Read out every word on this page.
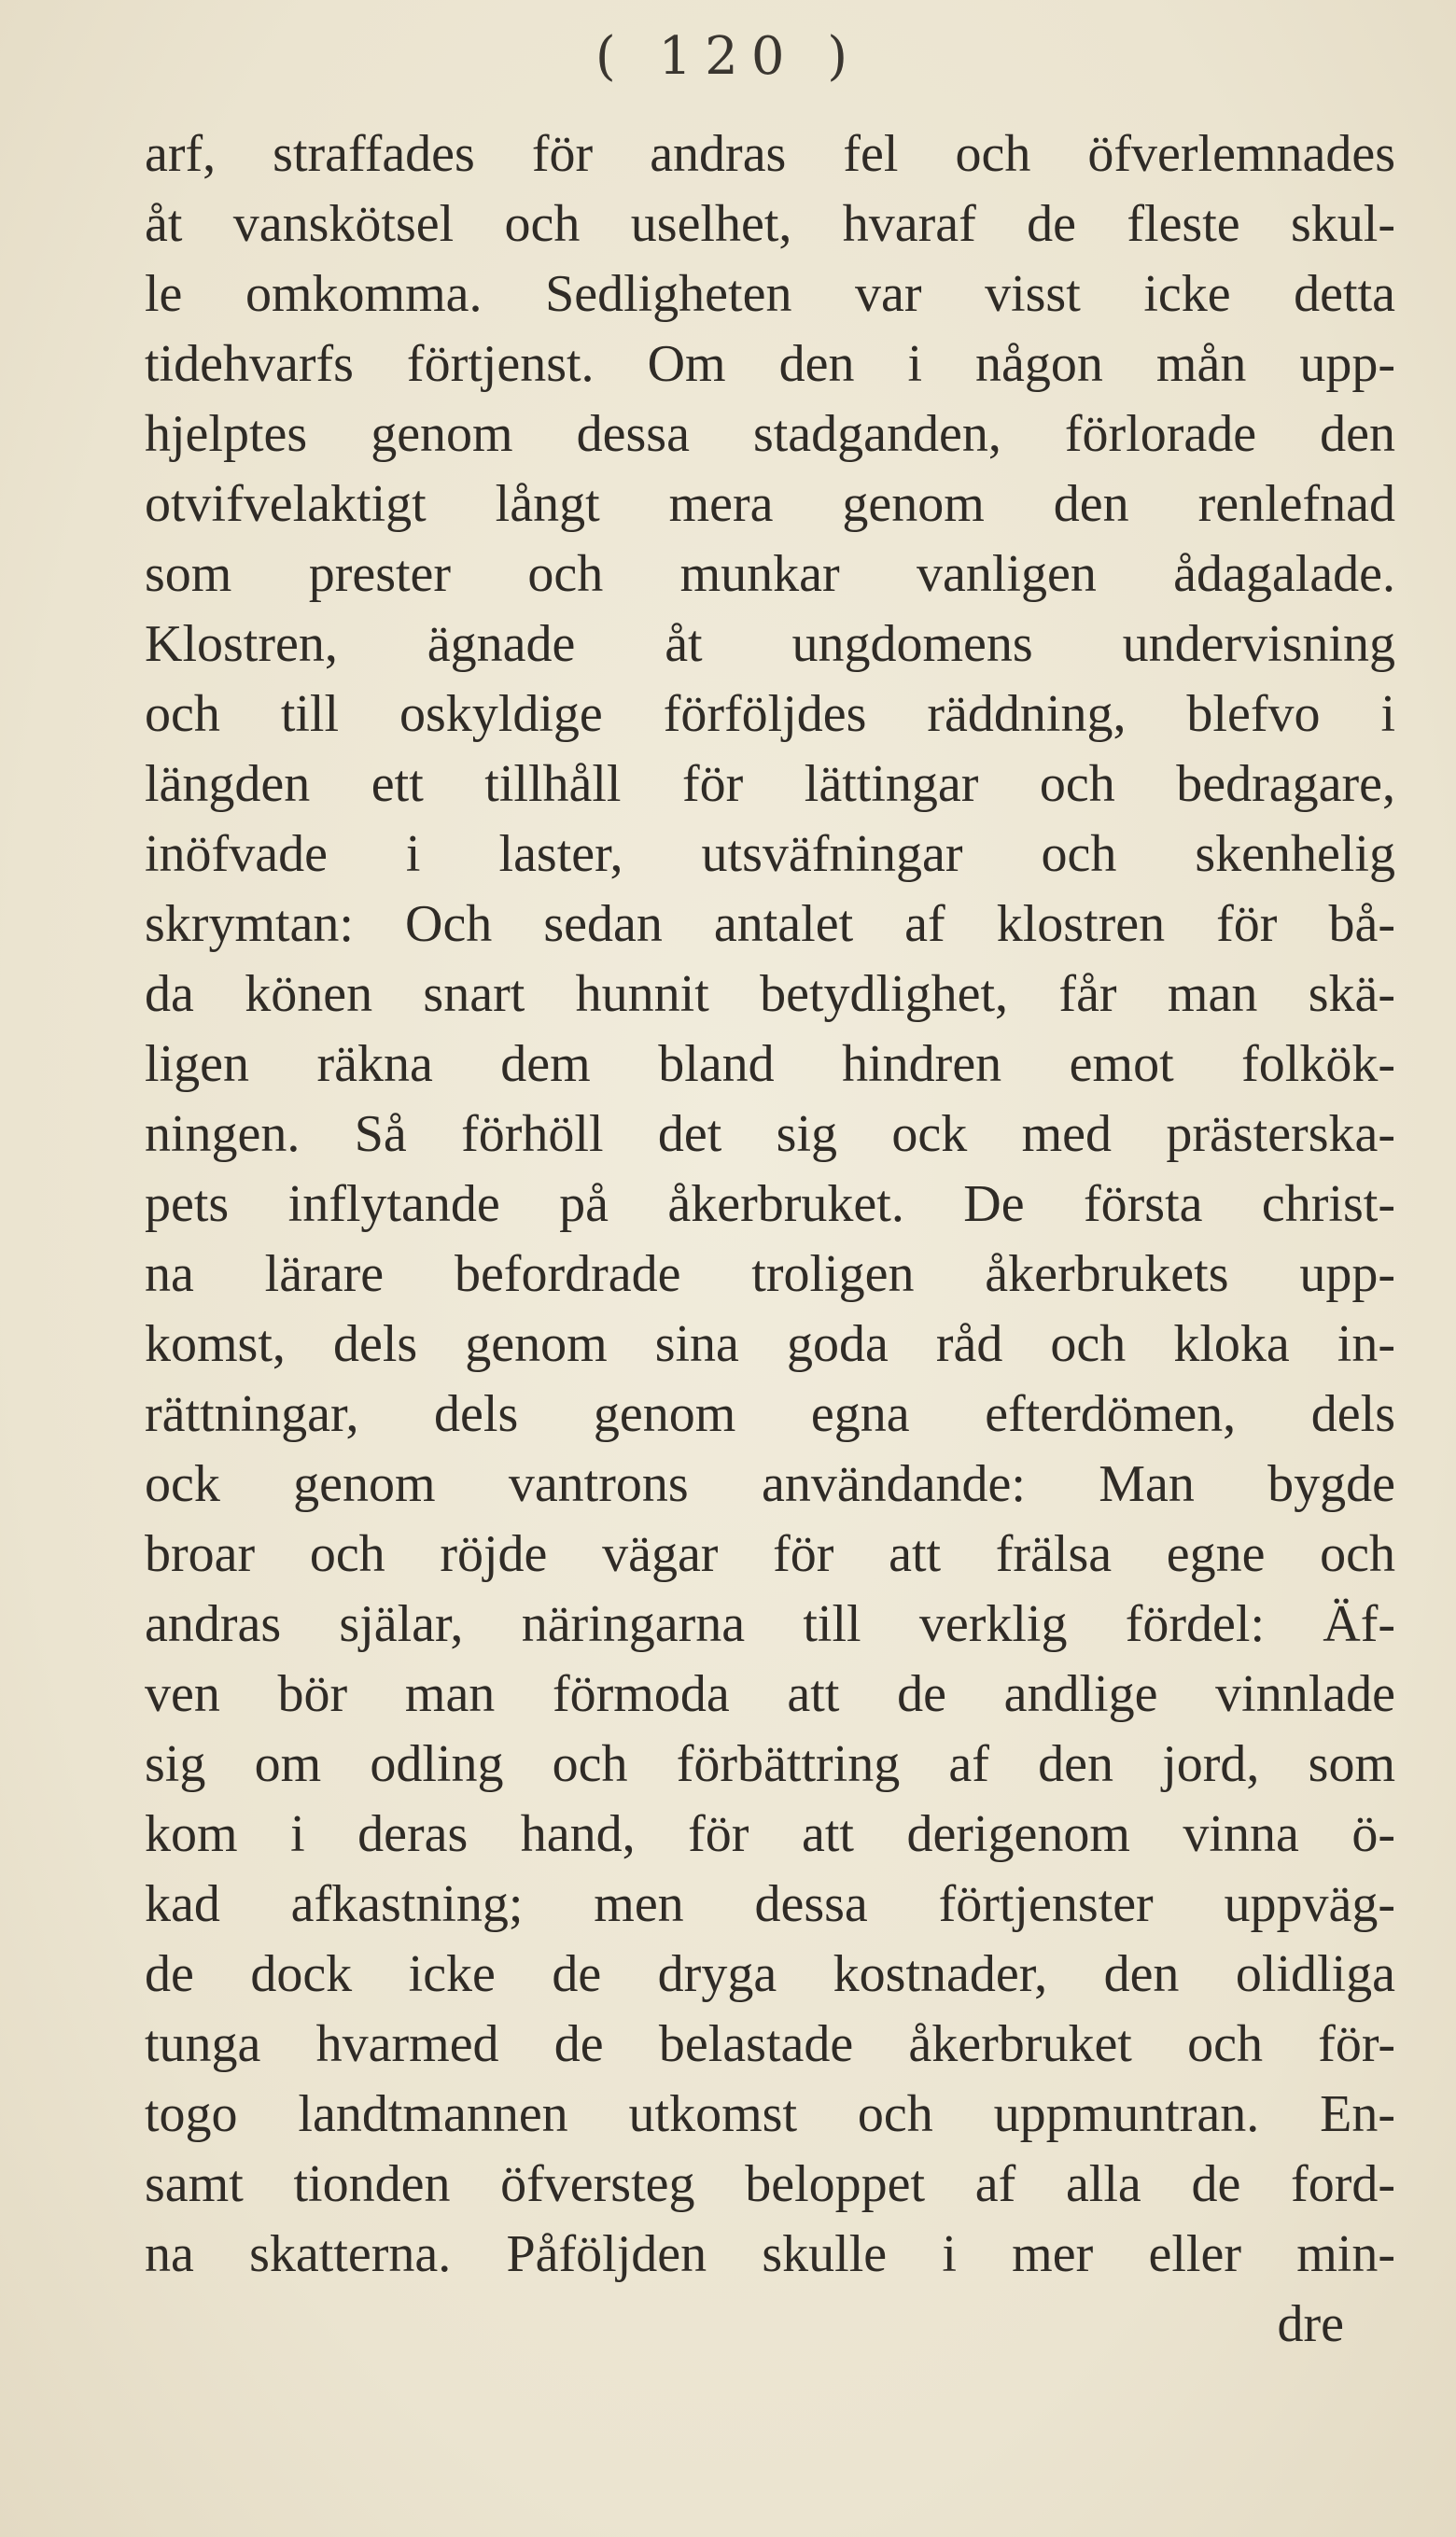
( 120 )
arf, straffades för andras fel och öfverlemnades
åt vanskötsel och uselhet, hvaraf de fleste skul-
le omkomma. Sedligheten var visst icke detta
tidehvarfs förtjenst. Om den i någon mån upp-
hjelptes genom dessa stadganden, förlorade den
otvifvelaktigt långt mera genom den renlefnad
som prester och munkar vanligen ådagalade.
Klostren, ägnade åt ungdomens undervisning
och till oskyldige förföljdes räddning, blefvo i
längden ett tillhåll för lättingar och bedragare,
inöfvade i laster, utsväfningar och skenhelig
skrymtan: Och sedan antalet af klostren för bå-
da könen snart hunnit betydlighet, får man skä-
ligen räkna dem bland hindren emot folkök-
ningen. Så förhöll det sig ock med prästerska-
pets inflytande på åkerbruket. De första christ-
na lärare befordrade troligen åkerbrukets upp-
komst, dels genom sina goda råd och kloka in-
rättningar, dels genom egna efterdömen, dels
ock genom vantrons användande: Man bygde
broar och röjde vägar för att frälsa egne och
andras själar, näringarna till verklig fördel: Äf-
ven bör man förmoda att de andlige vinnlade
sig om odling och förbättring af den jord, som
kom i deras hand, för att derigenom vinna ö-
kad afkastning; men dessa förtjenster uppväg-
de dock icke de dryga kostnader, den olidliga
tunga hvarmed de belastade åkerbruket och för-
togo landtmannen utkomst och uppmuntran. En-
samt tionden öfversteg beloppet af alla de ford-
na skatterna. Påföljden skulle i mer eller min-
dre
